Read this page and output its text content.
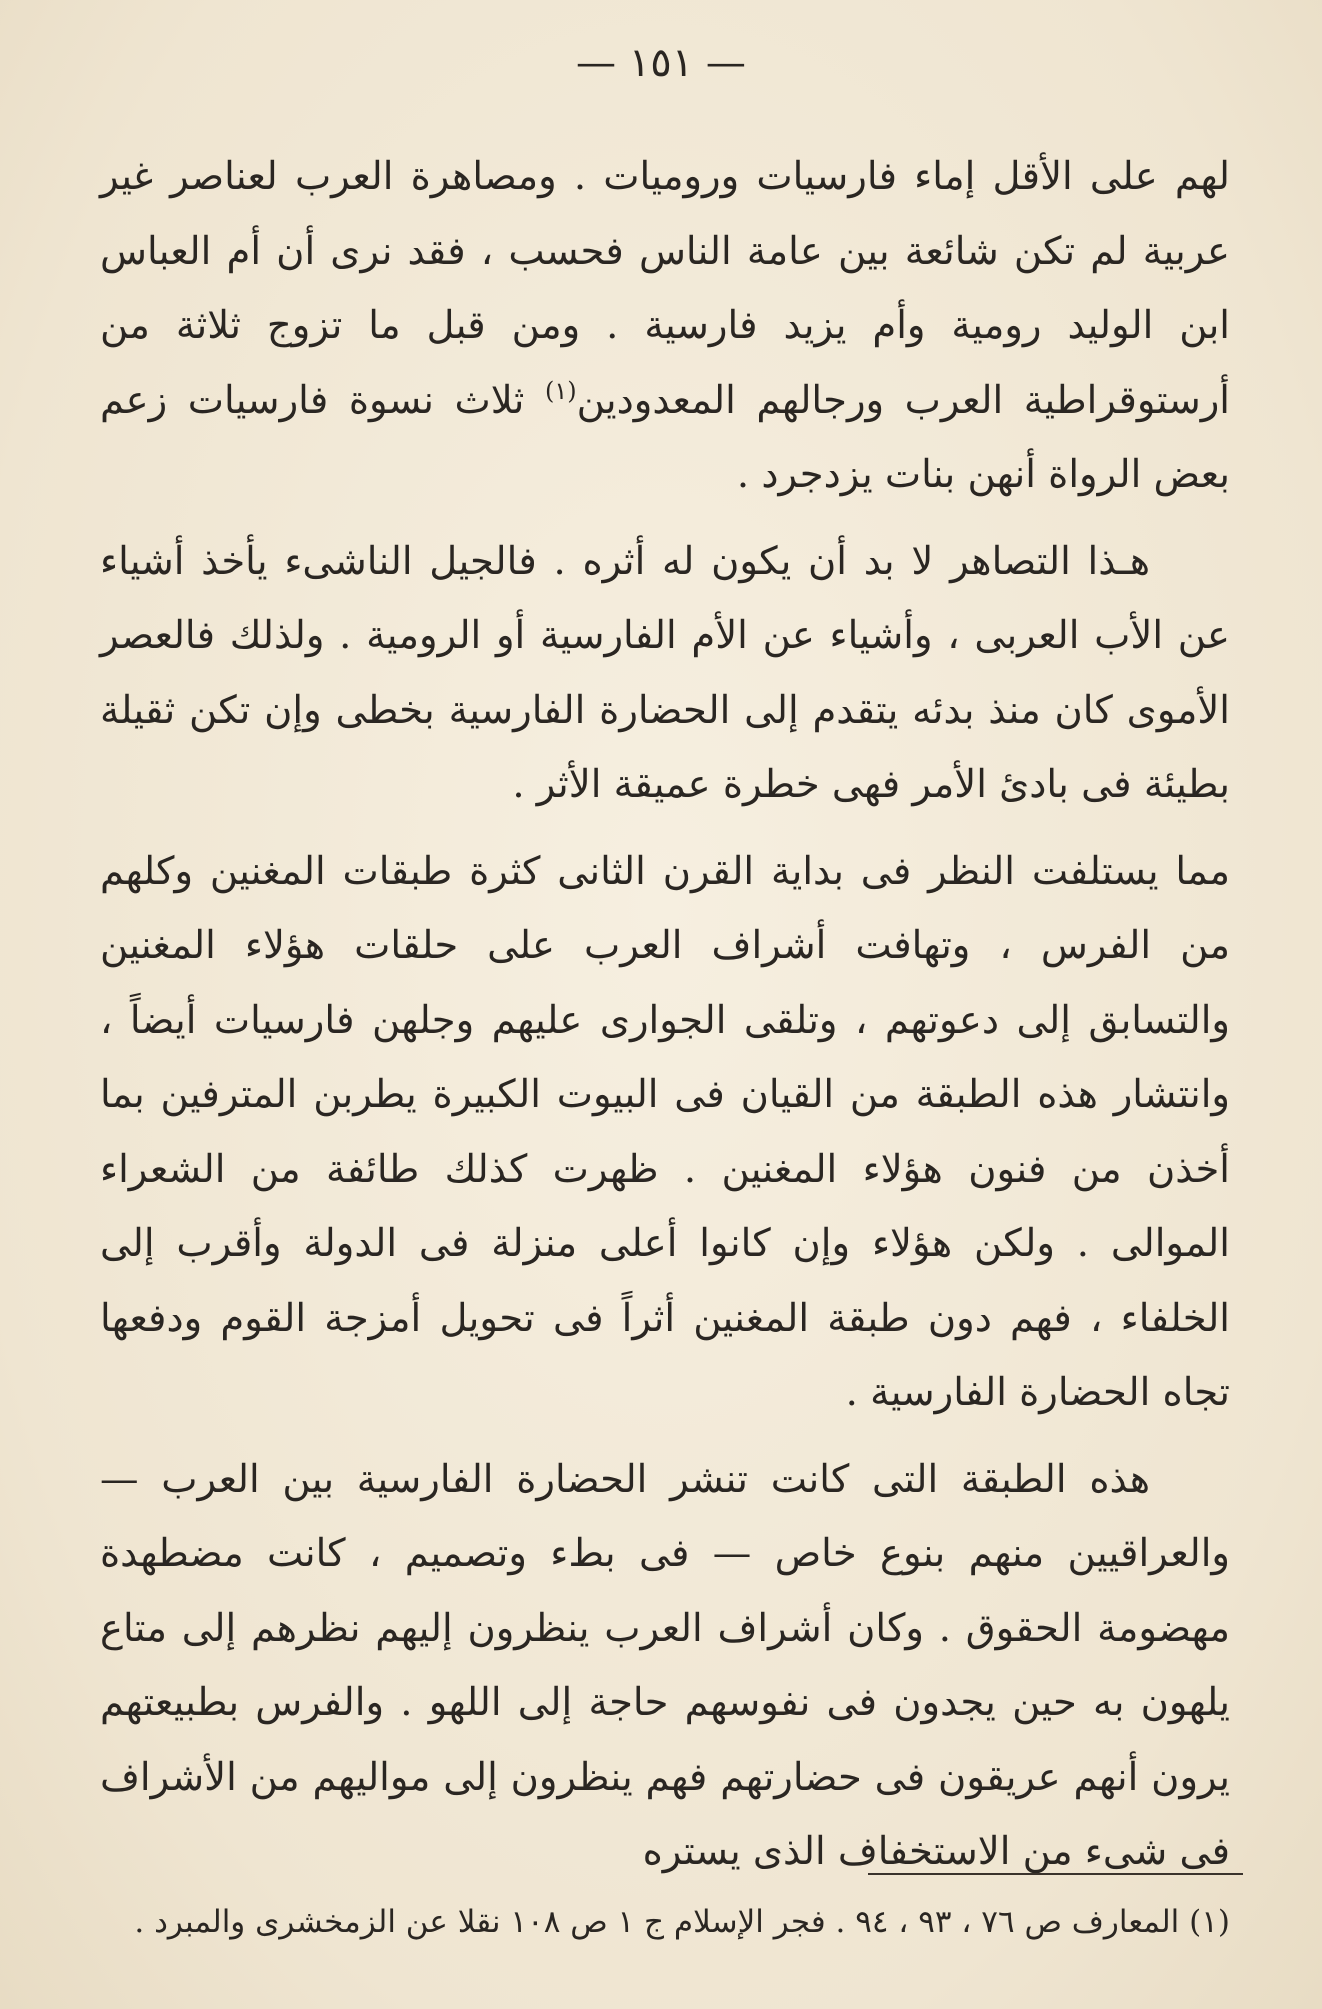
— ١٥١ —

لهم على الأقل إماء فارسيات وروميات . ومصاهرة العرب لعناصر غير عربية لم تكن شائعة بين عامة الناس فحسب ، فقد نرى أن أم العباس ابن الوليد رومية وأم يزيد فارسية . ومن قبل ما تزوج ثلاثة من أرستوقراطية العرب ورجالهم المعدودين$^{(١)}$ ثلاث نسوة فارسيات زعم بعض الرواة أنهن بنات يزدجرد .

هـذا التصاهر لا بد أن يكون له أثره . فالجيل الناشىء يأخذ أشياء عن الأب العربى ، وأشياء عن الأم الفارسية أو الرومية . ولذلك فالعصر الأموى كان منذ بدئه يتقدم إلى الحضارة الفارسية بخطى وإن تكن ثقيلة بطيئة فى بادئ الأمر فهى خطرة عميقة الأثر .

مما يستلفت النظر فى بداية القرن الثانى كثرة طبقات المغنين وكلهم من الفرس ، وتهافت أشراف العرب على حلقات هؤلاء المغنين والتسابق إلى دعوتهم ، وتلقى الجوارى عليهم وجلهن فارسيات أيضاً ، وانتشار هذه الطبقة من القيان فى البيوت الكبيرة يطربن المترفين بما أخذن من فنون هؤلاء المغنين . ظهرت كذلك طائفة من الشعراء الموالى . ولكن هؤلاء وإن كانوا أعلى منزلة فى الدولة وأقرب إلى الخلفاء ، فهم دون طبقة المغنين أثراً فى تحويل أمزجة القوم ودفعها تجاه الحضارة الفارسية .

هذه الطبقة التى كانت تنشر الحضارة الفارسية بين العرب — والعراقيين منهم بنوع خاص — فى بطء وتصميم ، كانت مضطهدة مهضومة الحقوق . وكان أشراف العرب ينظرون إليهم نظرهم إلى متاع يلهون به حين يجدون فى نفوسهم حاجة إلى اللهو . والفرس بطبيعتهم يرون أنهم عريقون فى حضارتهم فهم ينظرون إلى مواليهم من الأشراف فى شىء من الاستخفاف الذى يستره

(١) المعارف ص ٧٦ ، ٩٣ ، ٩٤ . فجر الإسلام ج ١ ص ١٠٨ نقلا عن الزمخشرى والمبرد .
